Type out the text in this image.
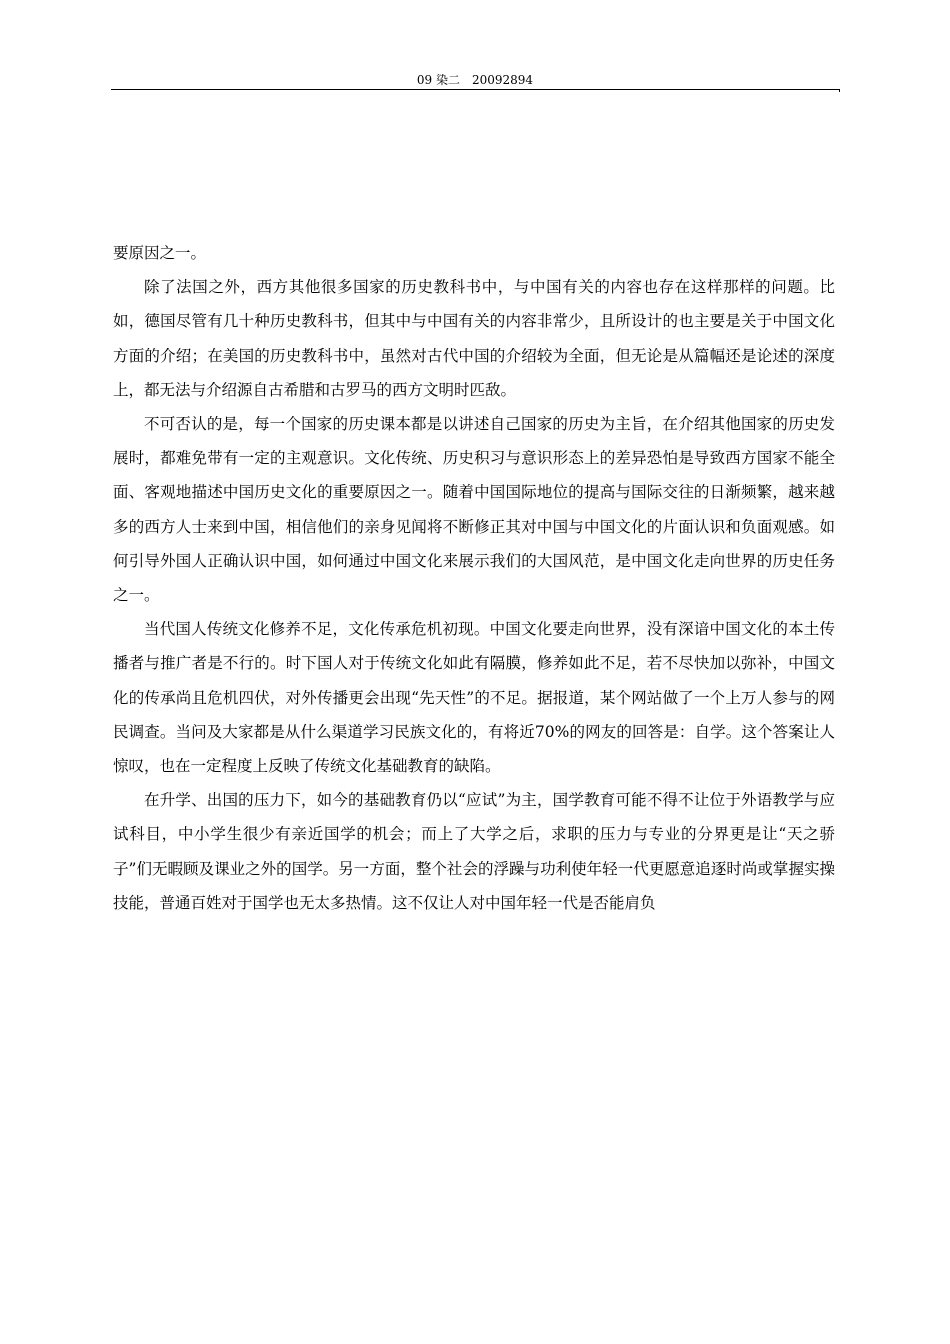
09 染二　20092894

要原因之一。

除了法国之外，西方其他很多国家的历史教科书中，与中国有关的内容也存在这样那样的问题。比如，德国尽管有几十种历史教科书，但其中与中国有关的内容非常少，且所设计的也主要是关于中国文化方面的介绍；在美国的历史教科书中，虽然对古代中国的介绍较为全面，但无论是从篇幅还是论述的深度上，都无法与介绍源自古希腊和古罗马的西方文明时匹敌。

不可否认的是，每一个国家的历史课本都是以讲述自己国家的历史为主旨，在介绍其他国家的历史发展时，都难免带有一定的主观意识。文化传统、历史积习与意识形态上的差异恐怕是导致西方国家不能全面、客观地描述中国历史文化的重要原因之一。随着中国国际地位的提高与国际交往的日渐频繁，越来越多的西方人士来到中国，相信他们的亲身见闻将不断修正其对中国与中国文化的片面认识和负面观感。如何引导外国人正确认识中国，如何通过中国文化来展示我们的大国风范，是中国文化走向世界的历史任务之一。

当代国人传统文化修养不足，文化传承危机初现。中国文化要走向世界，没有深谙中国文化的本土传播者与推广者是不行的。时下国人对于传统文化如此有隔膜，修养如此不足，若不尽快加以弥补，中国文化的传承尚且危机四伏，对外传播更会出现“先天性”的不足。据报道，某个网站做了一个上万人参与的网民调查。当问及大家都是从什么渠道学习民族文化的，有将近70%的网友的回答是：自学。这个答案让人惊叹，也在一定程度上反映了传统文化基础教育的缺陷。

在升学、出国的压力下，如今的基础教育仍以“应试”为主，国学教育可能不得不让位于外语教学与应试科目，中小学生很少有亲近国学的机会；而上了大学之后，求职的压力与专业的分界更是让“天之骄子”们无暇顾及课业之外的国学。另一方面，整个社会的浮躁与功利使年轻一代更愿意追逐时尚或掌握实操技能，普通百姓对于国学也无太多热情。这不仅让人对中国年轻一代是否能肩负
